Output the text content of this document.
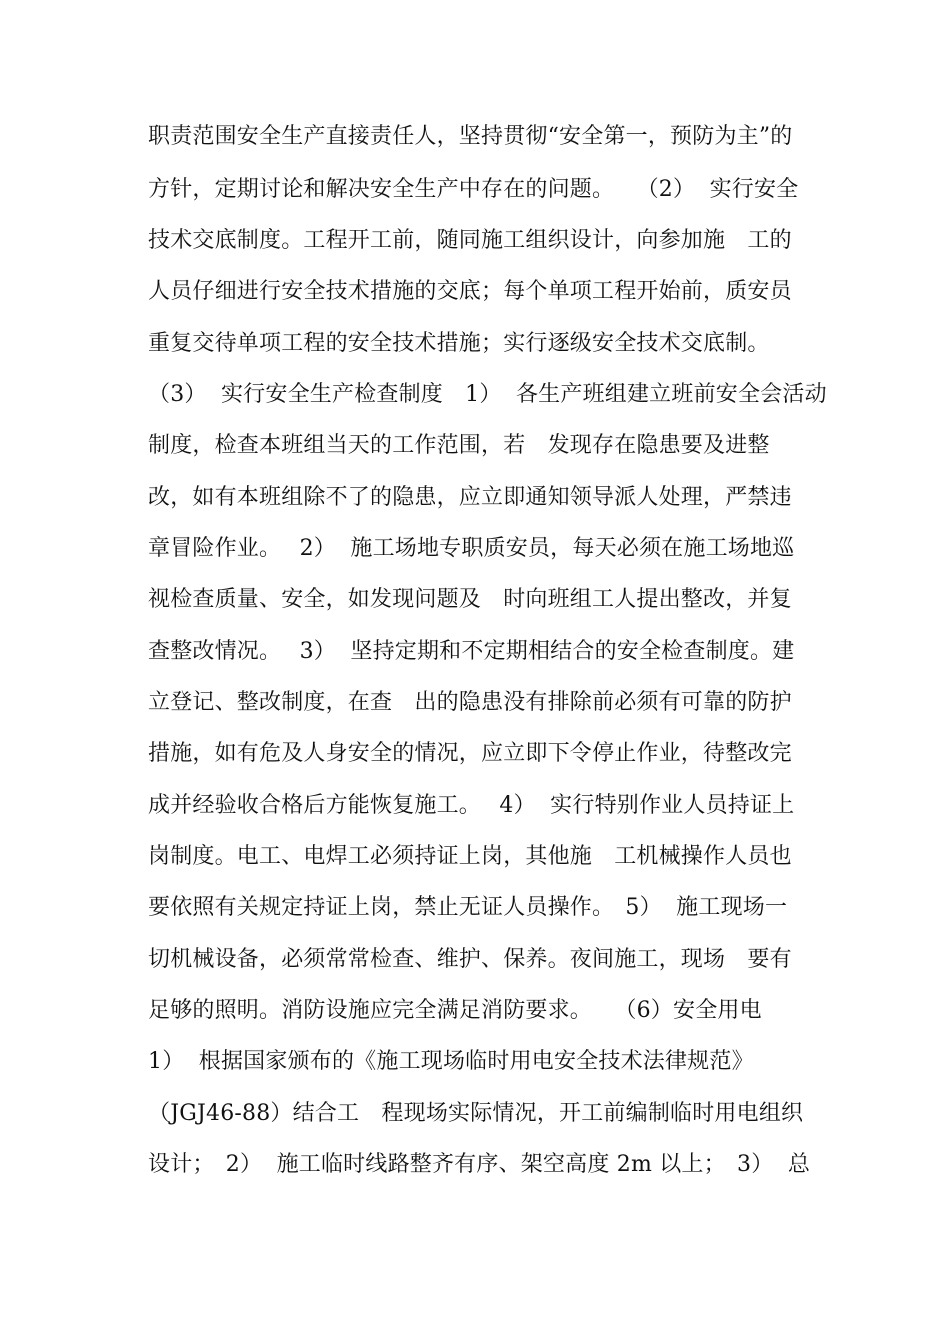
职责范围安全生产直接责任人，坚持贯彻“安全第一，预防为主”的
方针，定期讨论和解决安全生产中存在的问题。　　（2）  实行安全
技术交底制度。工程开工前，随同施工组织设计，向参加施　工的
人员仔细进行安全技术措施的交底；每个单项工程开始前，质安员
重复交待单项工程的安全技术措施；实行逐级安全技术交底制。
（3）  实行安全生产检查制度　1）  各生产班组建立班前安全会活动
制度，检查本班组当天的工作范围，若　发现存在隐患要及进整
改，如有本班组除不了的隐患，应立即通知领导派人处理，严禁违
章冒险作业。　 2）  施工场地专职质安员，每天必须在施工场地巡
视检查质量、安全，如发现问题及　时向班组工人提出整改，并复
查整改情况。　 3）  坚持定期和不定期相结合的安全检查制度。建
立登记、整改制度，在查　出的隐患没有排除前必须有可靠的防护
措施，如有危及人身安全的情况，应立即下令停止作业，待整改完
成并经验收合格后方能恢复施工。　 4）  实行特别作业人员持证上
岗制度。电工、电焊工必须持证上岗，其他施　工机械操作人员也
要依照有关规定持证上岗，禁止无证人员操作。　5）  施工现场一
切机械设备，必须常常检查、维护、保养。夜间施工，现场　要有
足够的照明。消防设施应完全满足消防要求。　　（6）安全用电
1）  根据国家颁布的《施工现场临时用电安全技术法律规范》
（JGJ46-88）结合工　程现场实际情况，开工前编制临时用电组织
设计；　2）  施工临时线路整齐有序、架空高度 2m 以上；　3）  总
